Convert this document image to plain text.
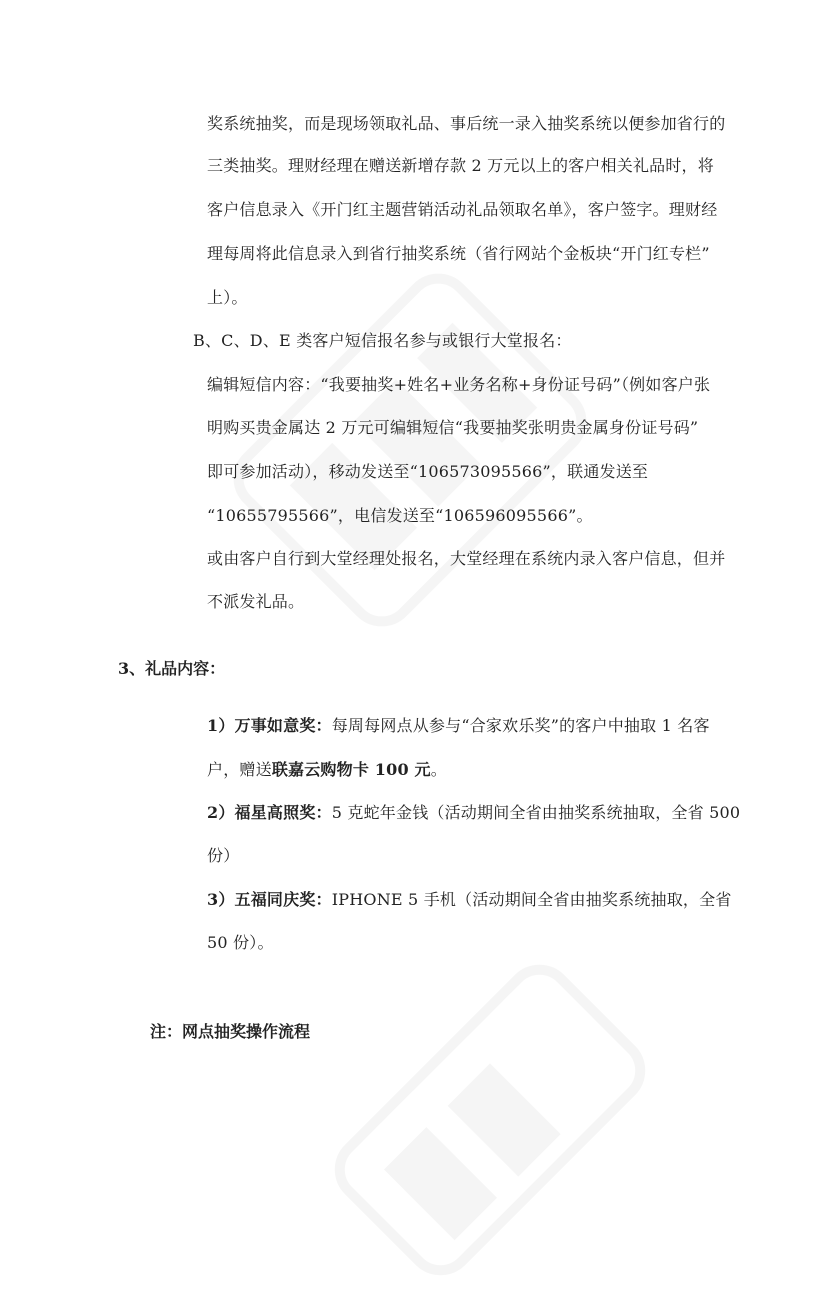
奖系统抽奖，而是现场领取礼品、事后统一录入抽奖系统以便参加省行的
三类抽奖。理财经理在赠送新增存款 2 万元以上的客户相关礼品时，将
客户信息录入《开门红主题营销活动礼品领取名单》，客户签字。理财经
理每周将此信息录入到省行抽奖系统（省行网站个金板块“开门红专栏”
上）。
B、C、D、E 类客户短信报名参与或银行大堂报名：
编辑短信内容：“我要抽奖+姓名+业务名称+身份证号码”（例如客户张
明购买贵金属达 2 万元可编辑短信“我要抽奖张明贵金属身份证号码”
即可参加活动），移动发送至“106573095566”，联通发送至
“10655795566”，电信发送至“106596095566”。
或由客户自行到大堂经理处报名，大堂经理在系统内录入客户信息，但并
不派发礼品。
3、礼品内容：
1）万事如意奖：每周每网点从参与“合家欢乐奖”的客户中抽取 1 名客
户，赠送联嘉云购物卡 100 元。
2）福星高照奖：5 克蛇年金钱（活动期间全省由抽奖系统抽取，全省 500
份）
3）五福同庆奖：IPHONE 5 手机（活动期间全省由抽奖系统抽取，全省
50 份）。
注：网点抽奖操作流程
